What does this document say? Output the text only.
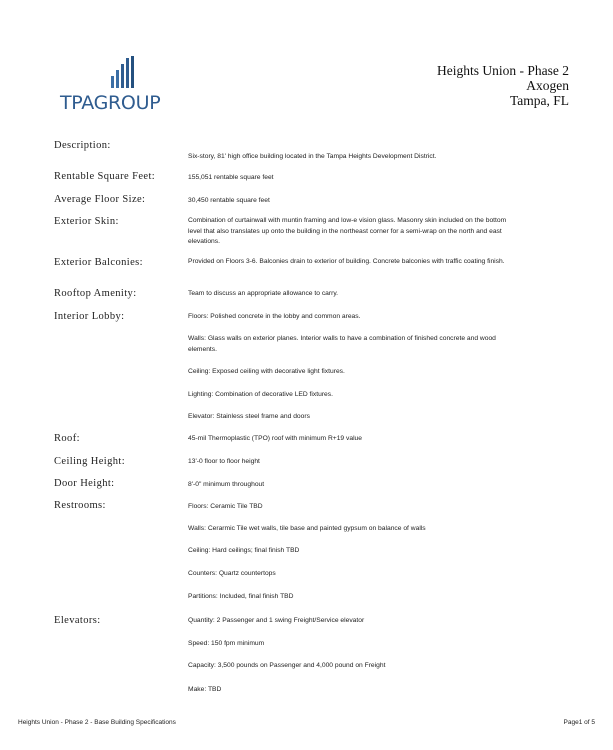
TPAGROUP
Heights Union - Phase 2
Axogen
Tampa, FL
Description:
Six-story, 81' high office building located in the Tampa Heights Development District.
Rentable Square Feet:	155,051 rentable square feet
Average Floor Size:	30,450 rentable square feet
Exterior Skin:	Combination of curtainwall with muntin framing and low-e vision glass. Masonry skin included on the bottom level that also translates up onto the building in the northeast corner for a semi-wrap on the north and east elevations.
Exterior Balconies:	Provided on Floors 3-6. Balconies drain to exterior of building. Concrete balconies with traffic coating finish.
Rooftop Amenity:	Team to discuss an appropriate allowance to carry.
Interior Lobby:	Floors: Polished concrete in the lobby and common areas.
Walls: Glass walls on exterior planes. Interior walls to have a combination of finished concrete and wood elements.
Ceiling: Exposed ceiling with decorative light fixtures.
Lighting: Combination of decorative LED fixtures.
Elevator: Stainless steel frame and doors
Roof:	45-mil Thermoplastic (TPO) roof with minimum R+19 value
Ceiling Height:	13'-0 floor to floor height
Door Height:	8'-0" minimum throughout
Restrooms:	Floors: Ceramic Tile TBD
Walls: Cerarmic Tile wet walls, tile base and painted gypsum on balance of walls
Ceiling: Hard ceilings; final finish TBD
Counters: Quartz countertops
Partitions: Included, final finish TBD
Elevators:	Quantity: 2 Passenger and 1 swing Freight/Service elevator
Speed: 150 fpm minimum
Capacity: 3,500 pounds on Passenger and 4,000 pound on Freight
Make: TBD
Heights Union - Phase 2 - Base Building Specifications	Page1 of 5
